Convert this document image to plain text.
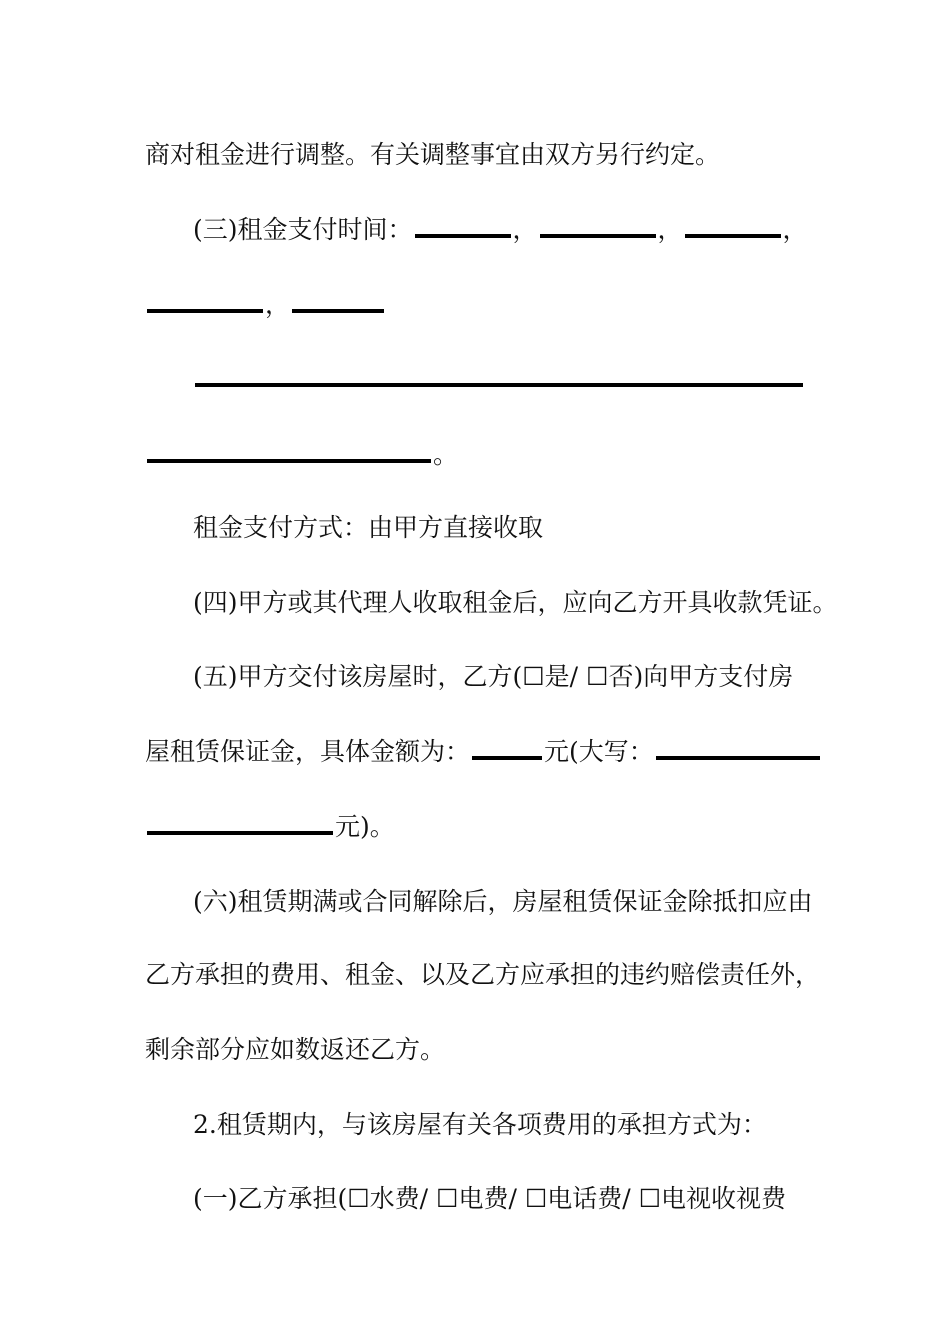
商对租金进行调整。有关调整事宜由双方另行约定。
(三)租金支付时间：	，	，	，
，
。
租金支付方式：由甲方直接收取
(四)甲方或其代理人收取租金后，应向乙方开具收款凭证。
(五)甲方交付该房屋时，乙方(☐是/ ☐否)向甲方支付房
屋租赁保证金，具体金额为：	元(大写：
元)。
(六)租赁期满或合同解除后，房屋租赁保证金除抵扣应由
乙方承担的费用、租金、以及乙方应承担的违约赔偿责任外，
剩余部分应如数返还乙方。
2.租赁期内，与该房屋有关各项费用的承担方式为：
(一)乙方承担(☐水费/ ☐电费/ ☐电话费/ ☐电视收视费
